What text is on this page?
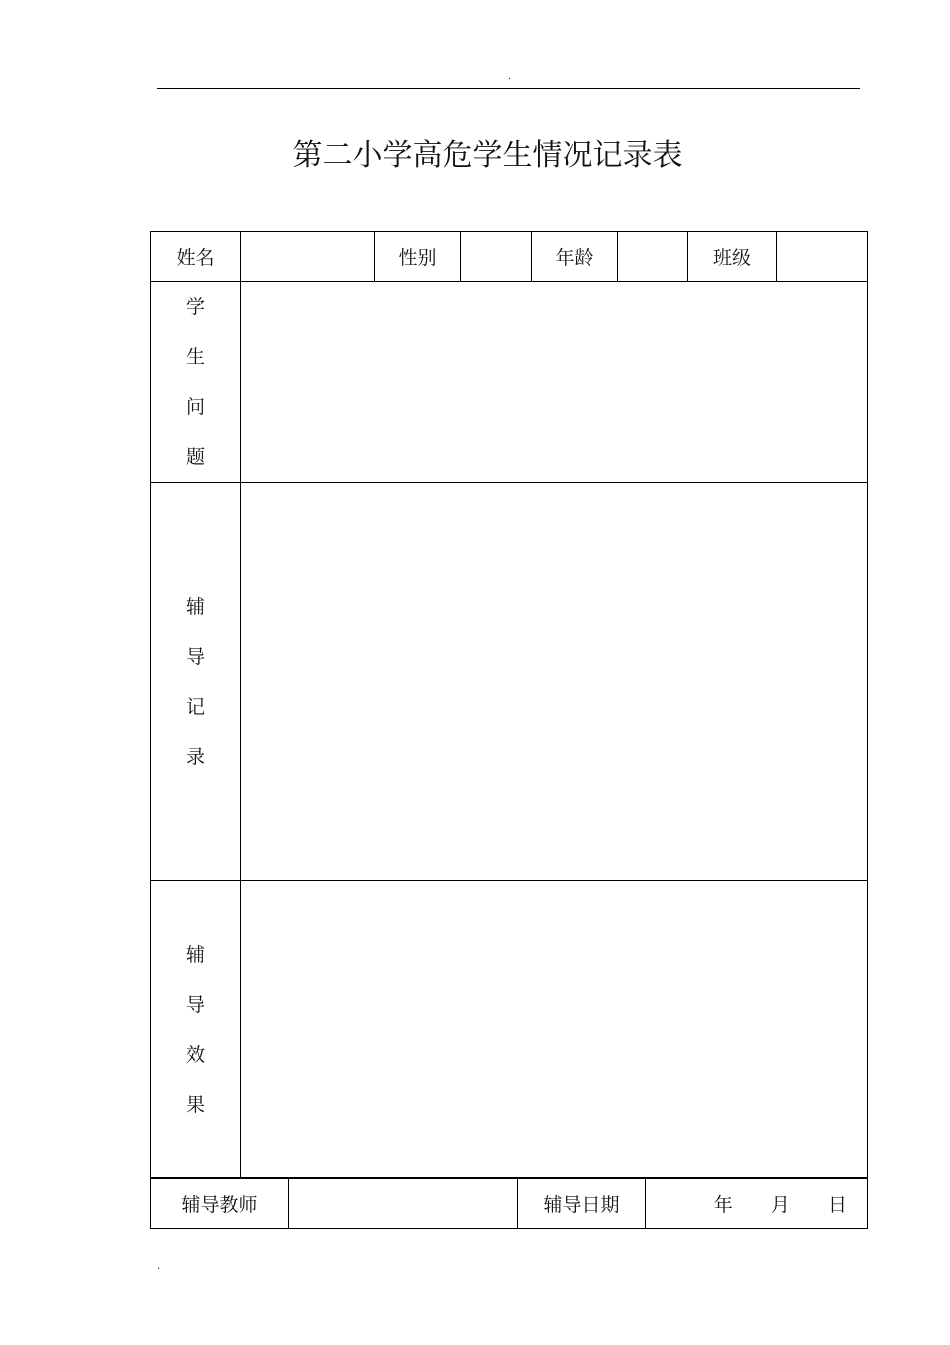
.
第二小学高危学生情况记录表
姓名		性别		年龄		班级	

学
生
问
题							

辅
导
记
录							

辅
导
效
果							

辅导教师		辅导日期	年 月 日
.
